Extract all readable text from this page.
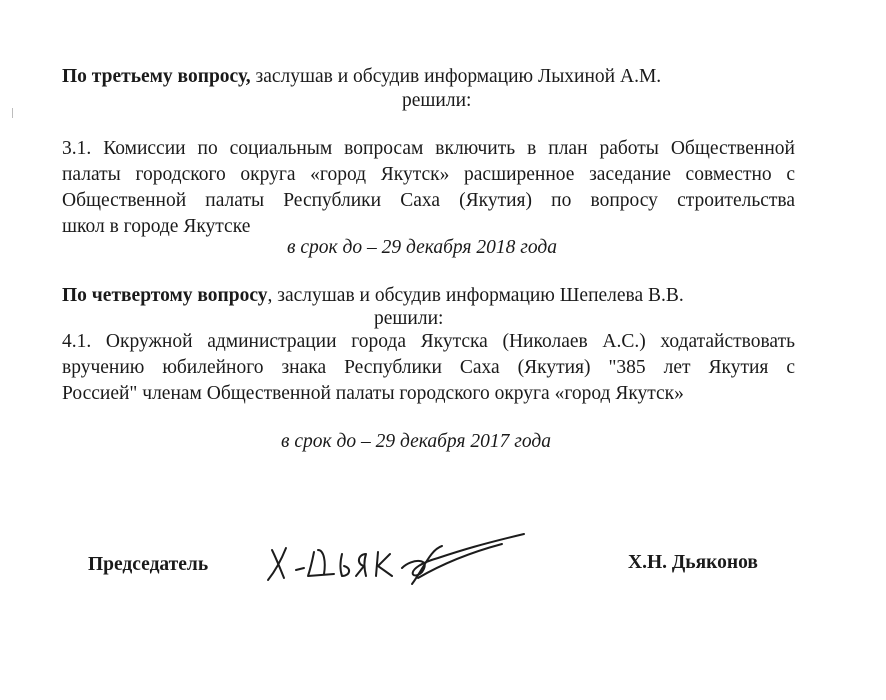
По третьему вопросу, заслушав и обсудив информацию Лыхиной А.М.
решили:
3.1. Комиссии по социальным вопросам включить в план работы Общественной
палаты городского округа «город Якутск» расширенное заседание совместно с
Общественной палаты Республики Саха (Якутия) по вопросу строительства
школ в городе Якутске
в срок до – 29 декабря 2018 года
По четвертому вопросу, заслушав и обсудив информацию Шепелева В.В.
решили:
4.1. Окружной администрации города Якутска (Николаев А.С.) ходатайствовать
вручению юбилейного знака Республики Саха (Якутия) "385 лет Якутия с
Россией" членам Общественной палаты городского округа «город Якутск»
в срок до – 29 декабря 2017 года
Председатель	Х.Н. Дьяконов
